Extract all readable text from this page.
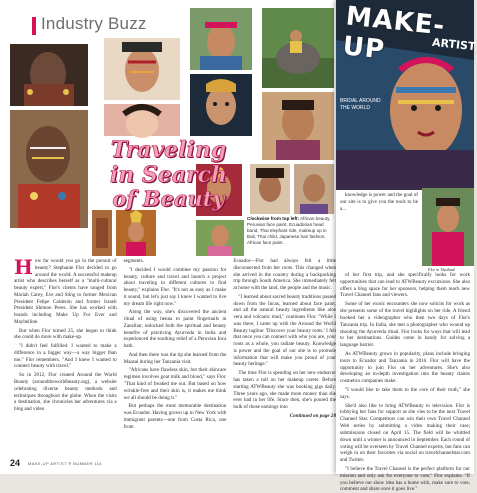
Industry Buzz
Traveling
in Search
of Beauty
Clockwise from top left: African beauty, Peruvian face paint, Ecuadorian head band, Thai elephant ride, makeup up in Bali, Thai child, Japanese hair fashion, African face paint.

How far would you go in the pursuit of beauty? Stephanie Flor decided to go around the world. A successful makeup artist who describes herself as a "multi-cultural beauty expert," Flor's clients have ranged from Mariah Carey, Eve and Sting to former Mexican President Felipe Calderón and former Israeli President Shimon Peres. She has worked with brands including Make Up For Ever and Maybelline.

But when Flor turned 25, she began to think she could do more with make-up.

"I didn't feel fulfilled. I wanted to make a difference in a bigger way—a way bigger than me," Flor remembers. "And I knew I wanted to connect beauty with travel."

So in 2012, Flor created Around the World Beauty (aroundtheworldbeauty.org), a website celebrating diverse beauty methods and techniques throughout the globe. When the visits a destination, she chronicles her adventures via a blog and video

segments.

"I decided I would combine my passion for beauty, culture and travel and launch a project about traveling in different cultures to find beauty," explains Flor. "It's not as easy as I make it sound, but let's just say I knew I wanted to live my dream life right now."

Along the way, she's discovered the ancient ritual of using henna to paint fingernails in Zanzibar, unlocked both the spiritual and beauty benefits of practicing Ayurveda in India and experienced the soothing relief of a Peruvian Inca bath.

And then there was the tip she learned from the Maasai during her Tanzania visit.

"Africans have flawless skin, but their skincare regimen involves goat milk and blood," says Flor. "That kind of freaked me out. But based on how wrinkle-free and their skin is, it makes me think we all should be doing it."

But perhaps the most memorable destination was Ecuador. Having grown up in New York with immigrant parents—one from Costa Rica, one from

Ecuador—Flor had always felt a little disconnected from her roots. This changed when she arrived in the country during a backpacking trip through South America. She immediately felt at home with the land, the people and the music.

"I learned about sacred beauty traditions passed down from the Incas, learned about face paint, and all the natural beauty ingredients like aloe vera and volcanic mud," continues Flor. "While I was there, I came up with the Around the World Beauty tagline: 'Discover your beauty roots.' I felt that once you can connect with who you are, your roots as a whole, you radiate beauty. Knowledge is power and the goal of our site is to promote information that will make you proud of your beauty heritage."

The time Flor is spending on her new endeavor has taken a toll on her makeup career. Before starting ATWBeauty she was booking gigs daily. Three years ago, she made more money than she ever had in her life. Since then, she's poured the bulk of those earnings into

Continued on page 28

24 MAKE-UP ARTIST ® NUMBER 116
MAKE-UP	ARTIST
BRIDAL AROUND THE WORLD

knowledge is power and the goal of our site is to give you the tools to be a...

Flor in Thailand

of her first trip, and she specifically looks for work opportunities that can lead to ATWBeauty excursions. She also offers a blog space for her sponsors, helping them reach new Travel Channel fans and viewers.

Some of her exotic encounters she now solicits for work as she presents some of the travel highlights on her ride. A friend booked her a videographer who then two days of Flor's Tanzania trip. In India, she met a photographer who wound up shooting the Ayurveda ritual. Flor looks for ways that will lead to her destinations. Guides come in handy for solving a language barrier.

As ATWBeauty grows in popularity, plans include bringing tours to Ecuador and Tanzania in 2016. Flor will have the opportunity to join Flor on her adventures. She's also developing an in-depth investigation into the beauty claims cosmetics companies make.

"I would like to take them to the core of their truth," she says.

She'd also like to bring ATWBeauty to television. Flor is lobbying her fans for support as she vies to be the next Travel Channel Star. Competitors can win their own Travel Channel Web series by submitting a video making their case; submissions closed on April 15. The field will be whittled down until a winner is announced in September. Each round of voting will be overseen by Travel Channel experts, but fans can weigh in on their favorites via social on travelchannelstar.com and Twitter.

"I believe the Travel Channel is the perfect platform for our mission and only ask for everyone to vote," Flor explains. "If you believe our show idea has a home with, make sure to vote, comment and share once it goes live."
